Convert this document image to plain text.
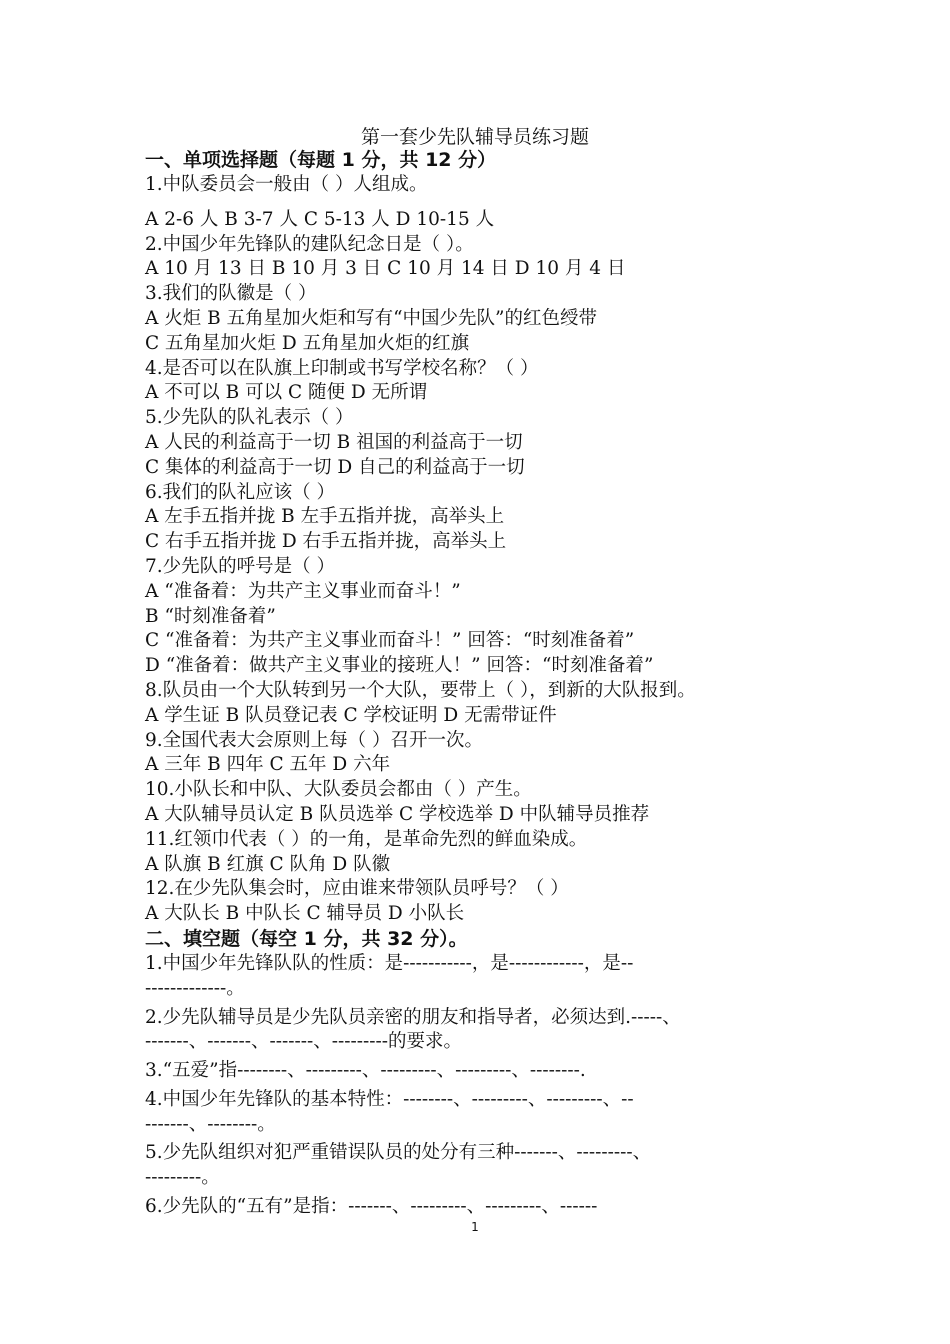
第一套少先队辅导员练习题
一、单项选择题（每题 1 分，共 12 分）
1.中队委员会一般由（ ）人组成。
A 2-6 人 B 3-7 人 C 5-13 人 D 10-15 人
2.中国少年先锋队的建队纪念日是（ ）。
A 10 月 13 日 B 10 月 3 日 C 10 月 14 日 D 10 月 4 日
3.我们的队徽是（ ）
A 火炬 B 五角星加火炬和写有“中国少先队”的红色绶带
C 五角星加火炬 D 五角星加火炬的红旗
4.是否可以在队旗上印制或书写学校名称？（ ）
A 不可以 B 可以 C 随便 D 无所谓
5.少先队的队礼表示（ ）
A 人民的利益高于一切 B 祖国的利益高于一切
C 集体的利益高于一切 D 自己的利益高于一切
6.我们的队礼应该（ ）
A 左手五指并拢 B 左手五指并拢，高举头上
C 右手五指并拢 D 右手五指并拢，高举头上
7.少先队的呼号是（ ）
A “准备着：为共产主义事业而奋斗！”
B “时刻准备着”
C “准备着：为共产主义事业而奋斗！” 回答：“时刻准备着”
D “准备着：做共产主义事业的接班人！” 回答：“时刻准备着”
8.队员由一个大队转到另一个大队，要带上（ ），到新的大队报到。
A 学生证 B 队员登记表 C 学校证明 D 无需带证件
9.全国代表大会原则上每（ ）召开一次。
A 三年 B 四年 C 五年 D 六年
10.小队长和中队、大队委员会都由（ ）产生。
A 大队辅导员认定 B 队员选举 C 学校选举 D 中队辅导员推荐
11.红领巾代表（ ）的一角，是革命先烈的鲜血染成。
A 队旗 B 红旗 C 队角 D 队徽
12.在少先队集会时，应由谁来带领队员呼号？（ ）
A 大队长 B 中队长 C 辅导员 D 小队长
二、填空题（每空 1 分，共 32 分）。
1.中国少年先锋队队的性质：是-----------，是------------，是--
-------------。
2.少先队辅导员是少先队员亲密的朋友和指导者，必须达到.-----、
-------、-------、-------、---------的要求。
3.“五爱”指--------、---------、---------、---------、--------.
4.中国少年先锋队的基本特性：--------、---------、---------、--
-------、--------。
5.少先队组织对犯严重错误队员的处分有三种-------、---------、
---------。
6.少先队的“五有”是指：-------、---------、---------、------
1
